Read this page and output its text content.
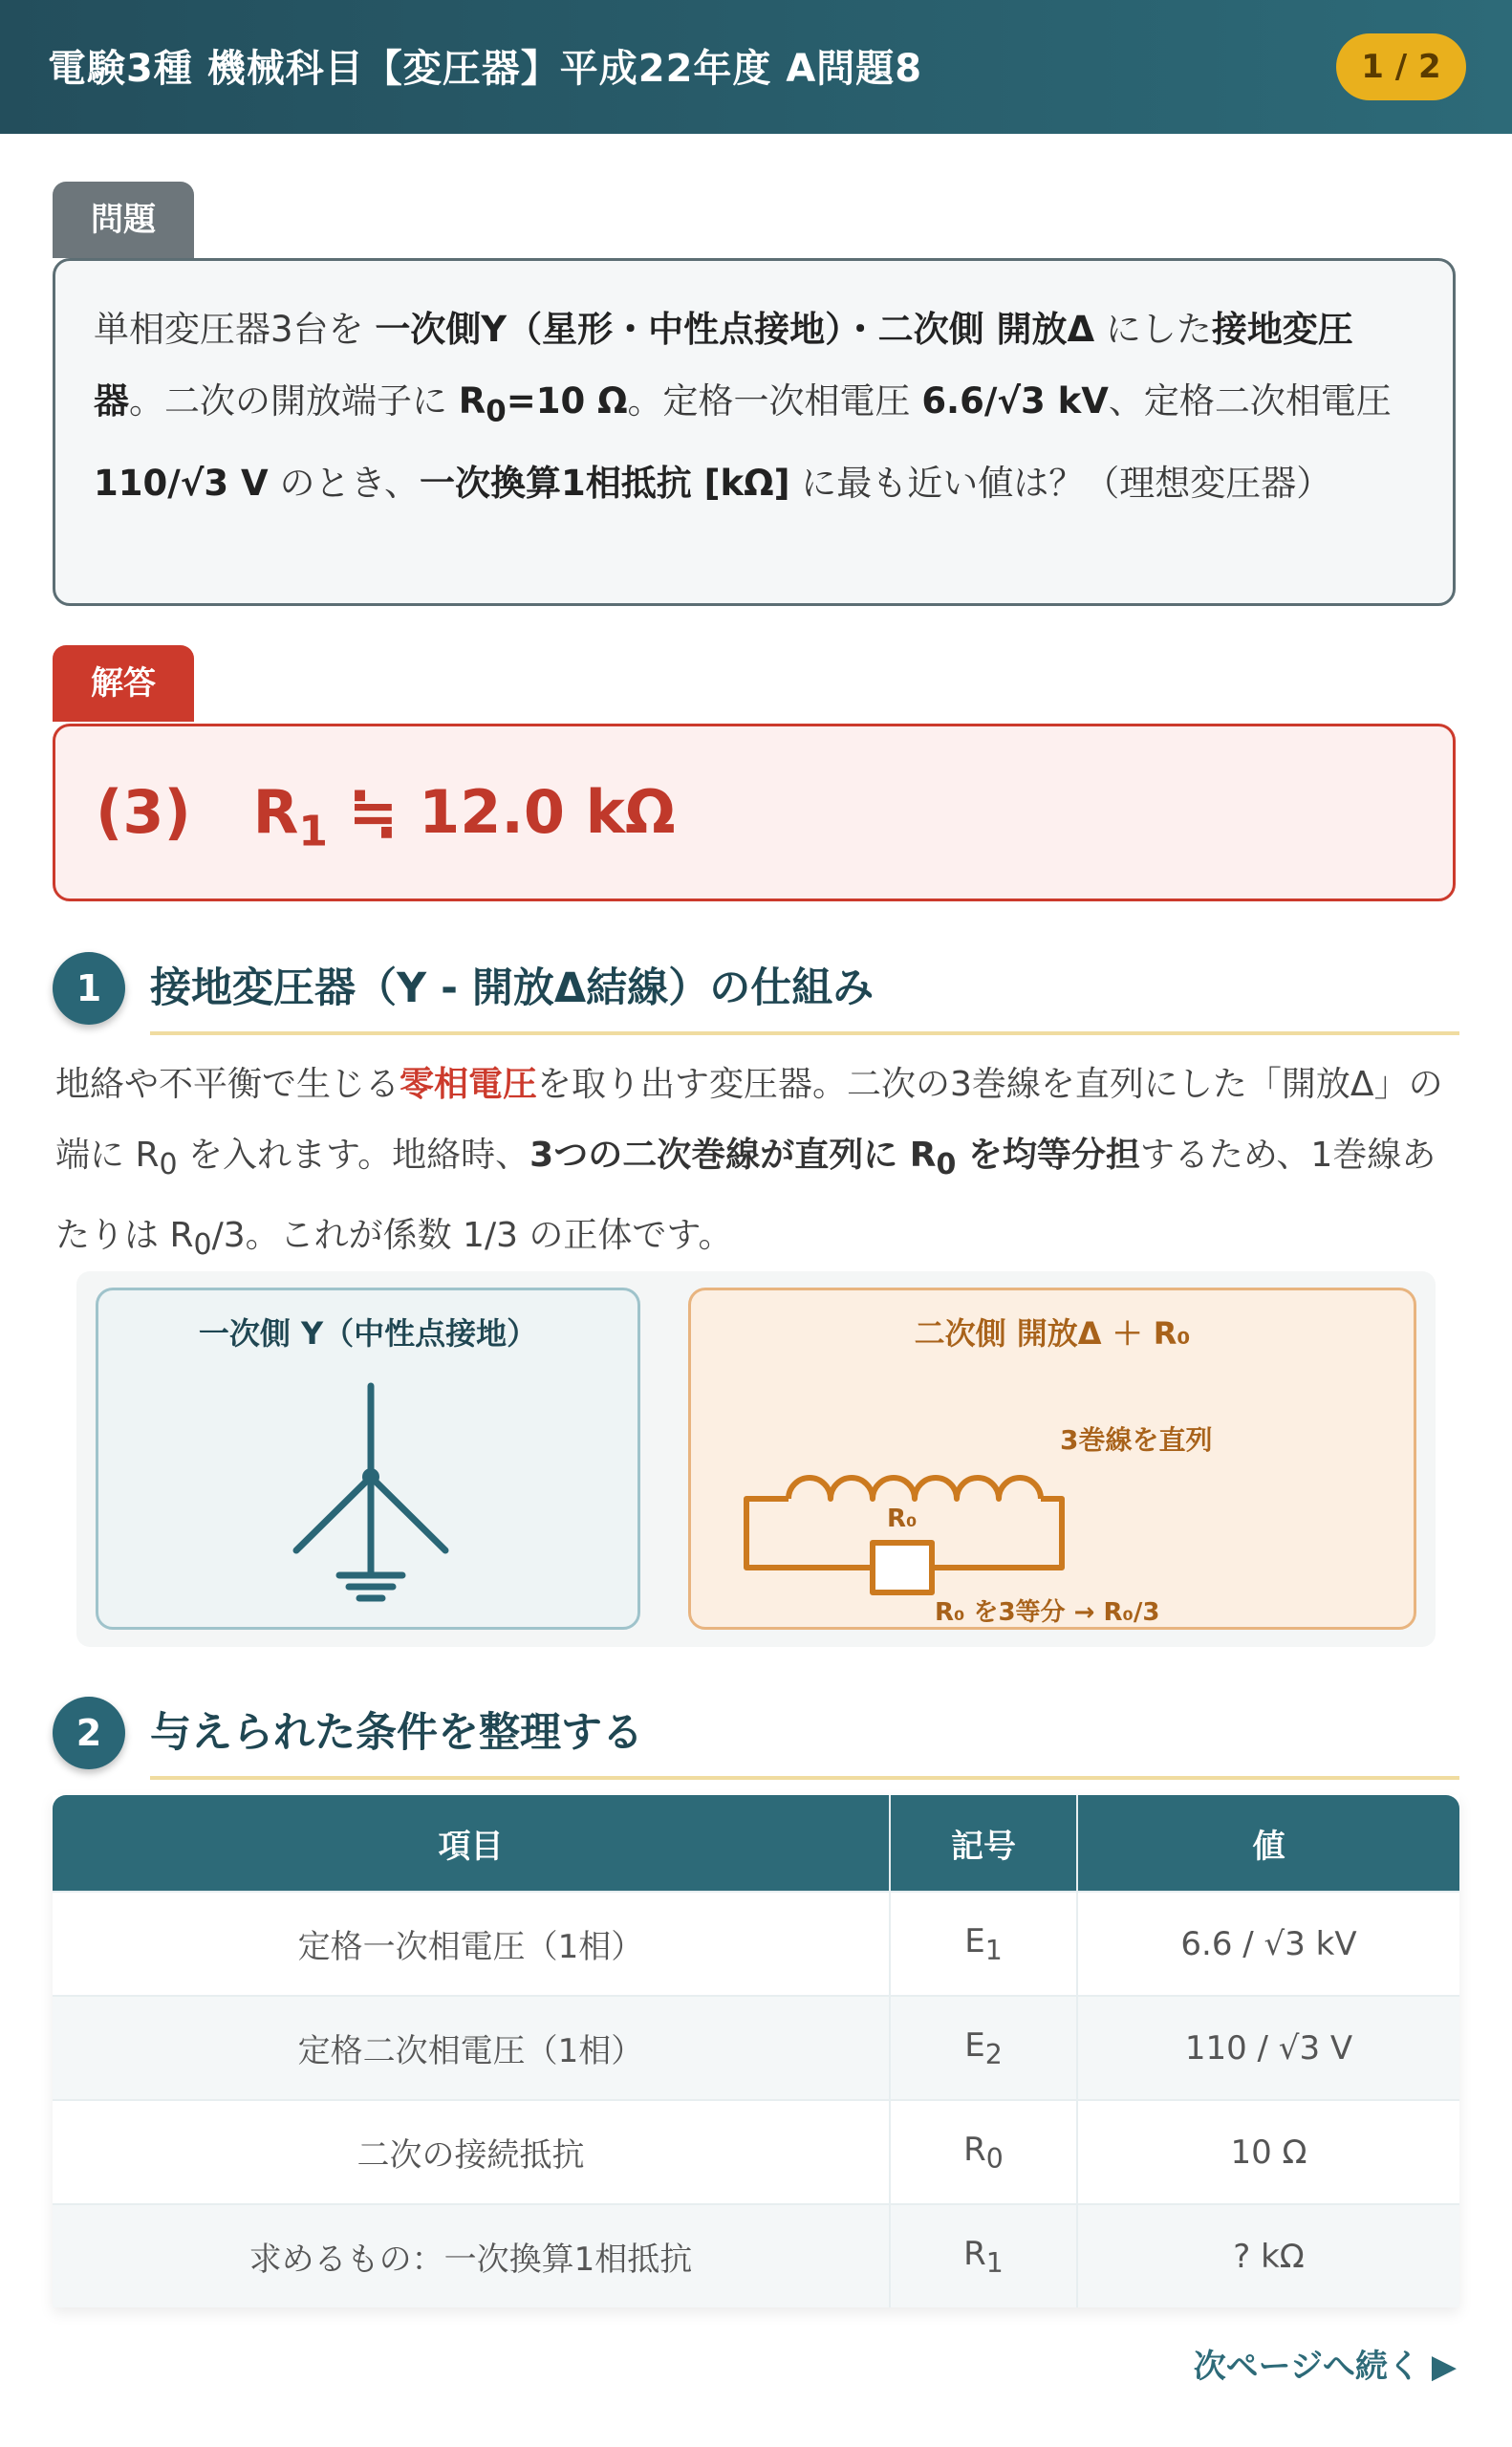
電験3種 機械科目【変圧器】平成22年度 A問題8	1 / 2
問題
単相変圧器3台を 一次側Y（星形・中性点接地）・二次側 開放Δ にした接地変圧器。二次の開放端子に $R_0=10$ Ω。定格一次相電圧 6.6/√3 kV、定格二次相電圧 110/√3 V のとき、一次換算1相抵抗 [kΩ] に最も近い値は？（理想変圧器）
解答
(3) $R_1$ ≒ 12.0 kΩ
1	接地変圧器（Y - 開放Δ結線）の仕組み
地絡や不平衡で生じる零相電圧を取り出す変圧器。二次の3巻線を直列にした「開放Δ」の端に $R_0$ を入れます。地絡時、3つの二次巻線が直列に $R_0$ を均等分担するため、1巻線あたりは $R_0/3$。これが係数 1/3 の正体です。
一次側 Y（中性点接地）	二次側 開放Δ ＋ R₀
3巻線を直列
R₀
R₀ を3等分 → R₀/3
2	与えられた条件を整理する
項目	記号	値
定格一次相電圧（1相）	$E_1$	6.6 / √3 kV
定格二次相電圧（1相）	$E_2$	110 / √3 V
二次の接続抵抗	$R_0$	10 Ω
求めるもの：一次換算1相抵抗	$R_1$	? kΩ
次ページへ続く ▶
